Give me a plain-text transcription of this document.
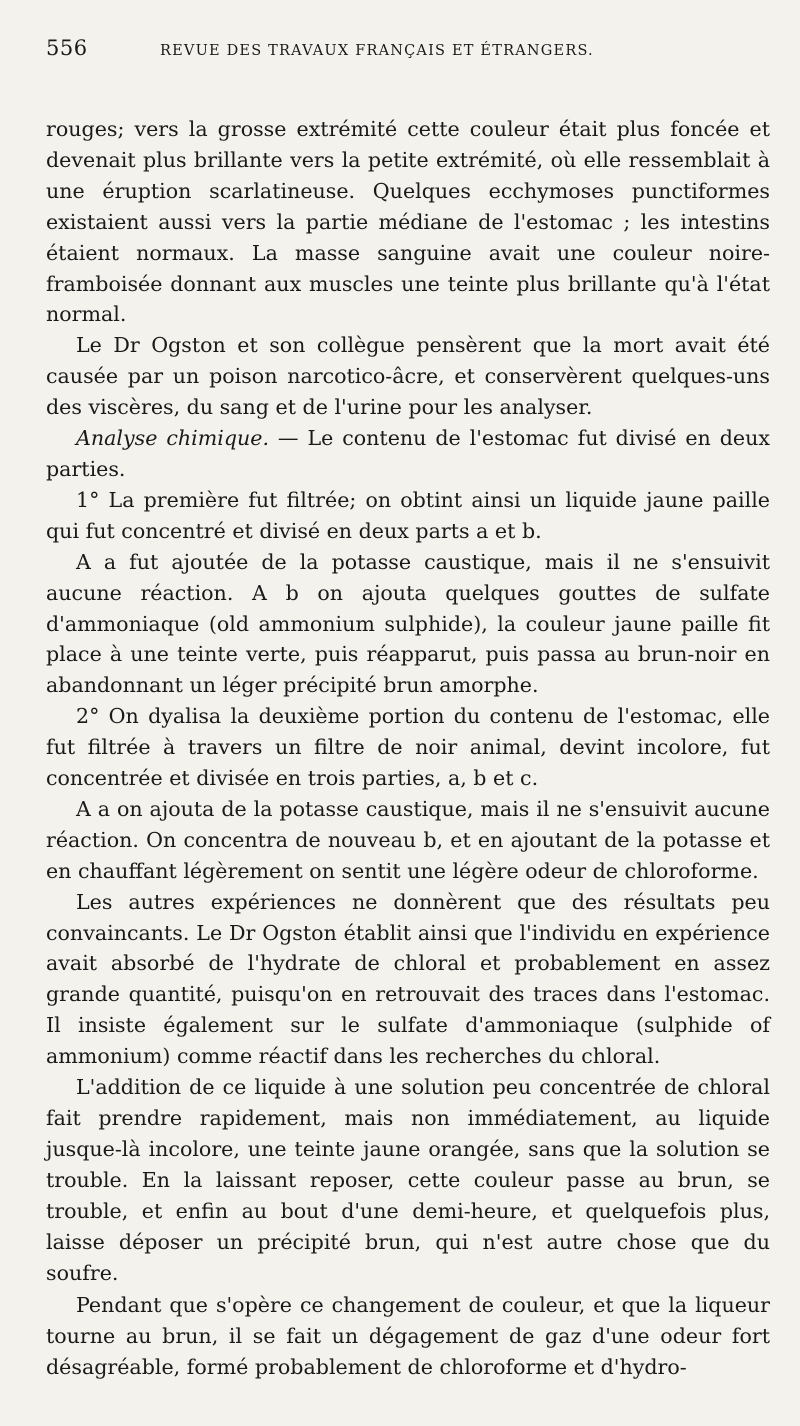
556	REVUE DES TRAVAUX FRANÇAIS ET ÉTRANGERS.

rouges; vers la grosse extrémité cette couleur était plus foncée et devenait plus brillante vers la petite extrémité, où elle ressemblait à une éruption scarlatineuse. Quelques ecchymoses punctiformes existaient aussi vers la partie médiane de l'estomac ; les intestins étaient normaux. La masse sanguine avait une couleur noire-framboisée donnant aux muscles une teinte plus brillante qu'à l'état normal.

Le Dr Ogston et son collègue pensèrent que la mort avait été causée par un poison narcotico-âcre, et conservèrent quelques-uns des viscères, du sang et de l'urine pour les analyser.

Analyse chimique. — Le contenu de l'estomac fut divisé en deux parties.

1° La première fut filtrée; on obtint ainsi un liquide jaune paille qui fut concentré et divisé en deux parts a et b.

A a fut ajoutée de la potasse caustique, mais il ne s'ensuivit aucune réaction. A b on ajouta quelques gouttes de sulfate d'ammoniaque (old ammonium sulphide), la couleur jaune paille fit place à une teinte verte, puis réapparut, puis passa au brun-noir en abandonnant un léger précipité brun amorphe.

2° On dyalisa la deuxième portion du contenu de l'estomac, elle fut filtrée à travers un filtre de noir animal, devint incolore, fut concentrée et divisée en trois parties, a, b et c.

A a on ajouta de la potasse caustique, mais il ne s'ensuivit aucune réaction. On concentra de nouveau b, et en ajoutant de la potasse et en chauffant légèrement on sentit une légère odeur de chloroforme.

Les autres expériences ne donnèrent que des résultats peu convaincants. Le Dr Ogston établit ainsi que l'individu en expérience avait absorbé de l'hydrate de chloral et probablement en assez grande quantité, puisqu'on en retrouvait des traces dans l'estomac. Il insiste également sur le sulfate d'ammoniaque (sulphide of ammonium) comme réactif dans les recherches du chloral.

L'addition de ce liquide à une solution peu concentrée de chloral fait prendre rapidement, mais non immédiatement, au liquide jusque-là incolore, une teinte jaune orangée, sans que la solution se trouble. En la laissant reposer, cette couleur passe au brun, se trouble, et enfin au bout d'une demi-heure, et quelquefois plus, laisse déposer un précipité brun, qui n'est autre chose que du soufre.

Pendant que s'opère ce changement de couleur, et que la liqueur tourne au brun, il se fait un dégagement de gaz d'une odeur fort désagréable, formé probablement de chloroforme et d'hydro-
